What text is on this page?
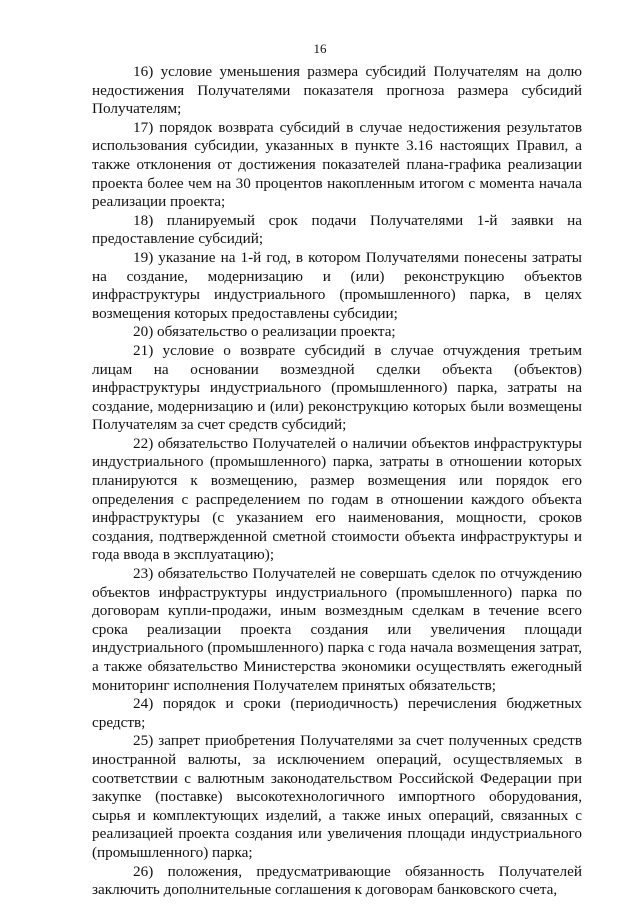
16

16) условие уменьшения размера субсидий Получателям на долю недостижения Получателями показателя прогноза размера субсидий Получателям;

17) порядок возврата субсидий в случае недостижения результатов использования субсидии, указанных в пункте 3.16 настоящих Правил, а также отклонения от достижения показателей плана-графика реализации проекта более чем на 30 процентов накопленным итогом с момента начала реализации проекта;

18) планируемый срок подачи Получателями 1-й заявки на предоставление субсидий;

19) указание на 1-й год, в котором Получателями понесены затраты на создание, модернизацию и (или) реконструкцию объектов инфраструктуры индустриального (промышленного) парка, в целях возмещения которых предоставлены субсидии;

20) обязательство о реализации проекта;

21) условие о возврате субсидий в случае отчуждения третьим лицам на основании возмездной сделки объекта (объектов) инфраструктуры индустриального (промышленного) парка, затраты на создание, модернизацию и (или) реконструкцию которых были возмещены Получателям за счет средств субсидий;

22) обязательство Получателей о наличии объектов инфраструктуры индустриального (промышленного) парка, затраты в отношении которых планируются к возмещению, размер возмещения или порядок его определения с распределением по годам в отношении каждого объекта инфраструктуры (с указанием его наименования, мощности, сроков создания, подтвержденной сметной стоимости объекта инфраструктуры и года ввода в эксплуатацию);

23) обязательство Получателей не совершать сделок по отчуждению объектов инфраструктуры индустриального (промышленного) парка по договорам купли-продажи, иным возмездным сделкам в течение всего срока реализации проекта создания или увеличения площади индустриального (промышленного) парка с года начала возмещения затрат, а также обязательство Министерства экономики осуществлять ежегодный мониторинг исполнения Получателем принятых обязательств;

24) порядок и сроки (периодичность) перечисления бюджетных средств;

25) запрет приобретения Получателями за счет полученных средств иностранной валюты, за исключением операций, осуществляемых в соответствии с валютным законодательством Российской Федерации при закупке (поставке) высокотехнологичного импортного оборудования, сырья и комплектующих изделий, а также иных операций, связанных с реализацией проекта создания или увеличения площади индустриального (промышленного) парка;

26) положения, предусматривающие обязанность Получателей заключить дополнительные соглашения к договорам банковского счета,
